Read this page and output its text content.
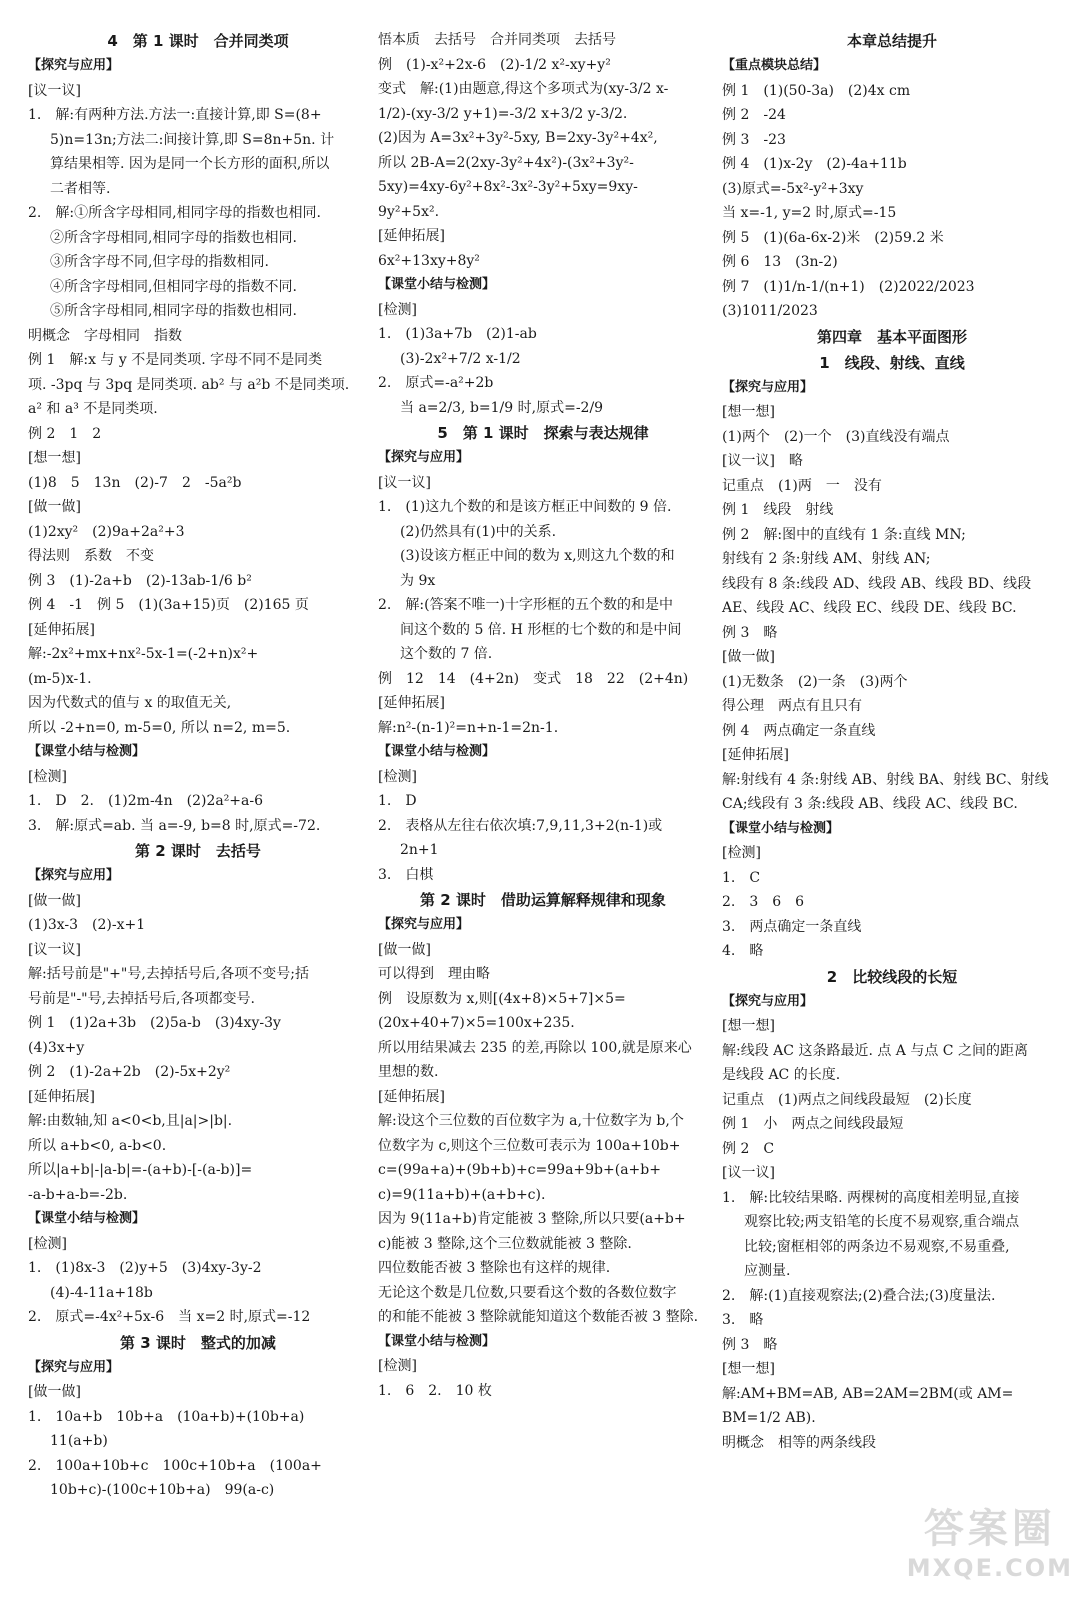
4　第 1 课时　合并同类项

【探究与应用】

[议一议]

1.　解:有两种方法.方法一:直接计算,即 S=(8+

5)n=13n;方法二:间接计算,即 S=8n+5n. 计

算结果相等. 因为是同一个长方形的面积,所以

二者相等.

2.　解:①所含字母相同,相同字母的指数也相同.

②所含字母相同,相同字母的指数也相同.

③所含字母不同,但字母的指数相同.

④所含字母相同,但相同字母的指数不同.

⑤所含字母相同,相同字母的指数也相同.

明概念　字母相同　指数

例 1　解:x 与 y 不是同类项. 字母不同不是同类

项. -3pq 与 3pq 是同类项. ab² 与 a²b 不是同类项.

a² 和 a³ 不是同类项.

例 2　1　2

[想一想]

(1)8　5　13n　(2)-7　2　-5a²b

[做一做]

(1)2xy²　(2)9a+2a²+3

得法则　系数　不变

例 3　(1)-2a+b　(2)-13ab-1/6 b²

例 4　-1　例 5　(1)(3a+15)页　(2)165 页

[延伸拓展]

解:-2x²+mx+nx²-5x-1=(-2+n)x²+

(m-5)x-1.

因为代数式的值与 x 的取值无关,

所以 -2+n=0, m-5=0, 所以 n=2, m=5.

【课堂小结与检测】

[检测]

1.　D　2.　(1)2m-4n　(2)2a²+a-6

3.　解:原式=ab. 当 a=-9, b=8 时,原式=-72.

第 2 课时　去括号

【探究与应用】

[做一做]

(1)3x-3　(2)-x+1

[议一议]

解:括号前是"+"号,去掉括号后,各项不变号;括

号前是"-"号,去掉括号后,各项都变号.

例 1　(1)2a+3b　(2)5a-b　(3)4xy-3y

(4)3x+y

例 2　(1)-2a+2b　(2)-5x+2y²

[延伸拓展]

解:由数轴,知 a<0<b,且|a|>|b|.

所以 a+b<0, a-b<0.

所以|a+b|-|a-b|=-(a+b)-[-(a-b)]=

-a-b+a-b=-2b.

【课堂小结与检测】

[检测]

1.　(1)8x-3　(2)y+5　(3)4xy-3y-2

(4)-4-11a+18b

2.　原式=-4x²+5x-6　当 x=2 时,原式=-12

第 3 课时　整式的加减

【探究与应用】

[做一做]

1.　10a+b　10b+a　(10a+b)+(10b+a)

11(a+b)

2.　100a+10b+c　100c+10b+a　(100a+

10b+c)-(100c+10b+a)　99(a-c)

悟本质　去括号　合并同类项　去括号

例　(1)-x²+2x-6　(2)-1/2 x²-xy+y²

变式　解:(1)由题意,得这个多项式为(xy-3/2 x-

1/2)-(xy-3/2 y+1)=-3/2 x+3/2 y-3/2.

(2)因为 A=3x²+3y²-5xy, B=2xy-3y²+4x²,

所以 2B-A=2(2xy-3y²+4x²)-(3x²+3y²-

5xy)=4xy-6y²+8x²-3x²-3y²+5xy=9xy-

9y²+5x².

[延伸拓展]

6x²+13xy+8y²

【课堂小结与检测】

[检测]

1.　(1)3a+7b　(2)1-ab

(3)-2x²+7/2 x-1/2

2.　原式=-a²+2b

当 a=2/3, b=1/9 时,原式=-2/9

5　第 1 课时　探索与表达规律

【探究与应用】

[议一议]

1.　(1)这九个数的和是该方框正中间数的 9 倍.

(2)仍然具有(1)中的关系.

(3)设该方框正中间的数为 x,则这九个数的和

为 9x

2.　解:(答案不唯一)十字形框的五个数的和是中

间这个数的 5 倍. H 形框的七个数的和是中间

这个数的 7 倍.

例　12　14　(4+2n)　变式　18　22　(2+4n)

[延伸拓展]

解:n²-(n-1)²=n+n-1=2n-1.

【课堂小结与检测】

[检测]

1.　D

2.　表格从左往右依次填:7,9,11,3+2(n-1)或

2n+1

3.　白棋

第 2 课时　借助运算解释规律和现象

【探究与应用】

[做一做]

可以得到　理由略

例　设原数为 x,则[(4x+8)×5+7]×5=

(20x+40+7)×5=100x+235.

所以用结果减去 235 的差,再除以 100,就是原来心

里想的数.

[延伸拓展]

解:设这个三位数的百位数字为 a,十位数字为 b,个

位数字为 c,则这个三位数可表示为 100a+10b+

c=(99a+a)+(9b+b)+c=99a+9b+(a+b+

c)=9(11a+b)+(a+b+c).

因为 9(11a+b)肯定能被 3 整除,所以只要(a+b+

c)能被 3 整除,这个三位数就能被 3 整除.

四位数能否被 3 整除也有这样的规律.

无论这个数是几位数,只要看这个数的各数位数字

的和能不能被 3 整除就能知道这个数能否被 3 整除.

【课堂小结与检测】

[检测]

1.　6　2.　10 枚

本章总结提升

【重点模块总结】

例 1　(1)(50-3a)　(2)4x cm

例 2　-24

例 3　-23

例 4　(1)x-2y　(2)-4a+11b

(3)原式=-5x²-y²+3xy

当 x=-1, y=2 时,原式=-15

例 5　(1)(6a-6x-2)米　(2)59.2 米

例 6　13　(3n-2)

例 7　(1)1/n-1/(n+1)　(2)2022/2023　(3)1011/2023

第四章　基本平面图形

1　线段、射线、直线

【探究与应用】

[想一想]

(1)两个　(2)一个　(3)直线没有端点

[议一议]　略

记重点　(1)两　一　没有

例 1　线段　射线

例 2　解:图中的直线有 1 条:直线 MN;

射线有 2 条:射线 AM、射线 AN;

线段有 8 条:线段 AD、线段 AB、线段 BD、线段

AE、线段 AC、线段 EC、线段 DE、线段 BC.

例 3　略

[做一做]

(1)无数条　(2)一条　(3)两个

得公理　两点有且只有

例 4　两点确定一条直线

[延伸拓展]

解:射线有 4 条:射线 AB、射线 BA、射线 BC、射线

CA;线段有 3 条:线段 AB、线段 AC、线段 BC.

【课堂小结与检测】

[检测]

1.　C

2.　3　6　6

3.　两点确定一条直线

4.　略

2　比较线段的长短

【探究与应用】

[想一想]

解:线段 AC 这条路最近. 点 A 与点 C 之间的距离

是线段 AC 的长度.

记重点　(1)两点之间线段最短　(2)长度

例 1　小　两点之间线段最短

例 2　C

[议一议]

1.　解:比较结果略. 两棵树的高度相差明显,直接

观察比较;两支铅笔的长度不易观察,重合端点

比较;窗框相邻的两条边不易观察,不易重叠,

应测量.

2.　解:(1)直接观察法;(2)叠合法;(3)度量法.

3.　略

例 3　略

[想一想]

解:AM+BM=AB, AB=2AM=2BM(或 AM=

BM=1/2 AB).

明概念　相等的两条线段

答案圈
MXQE.COM
